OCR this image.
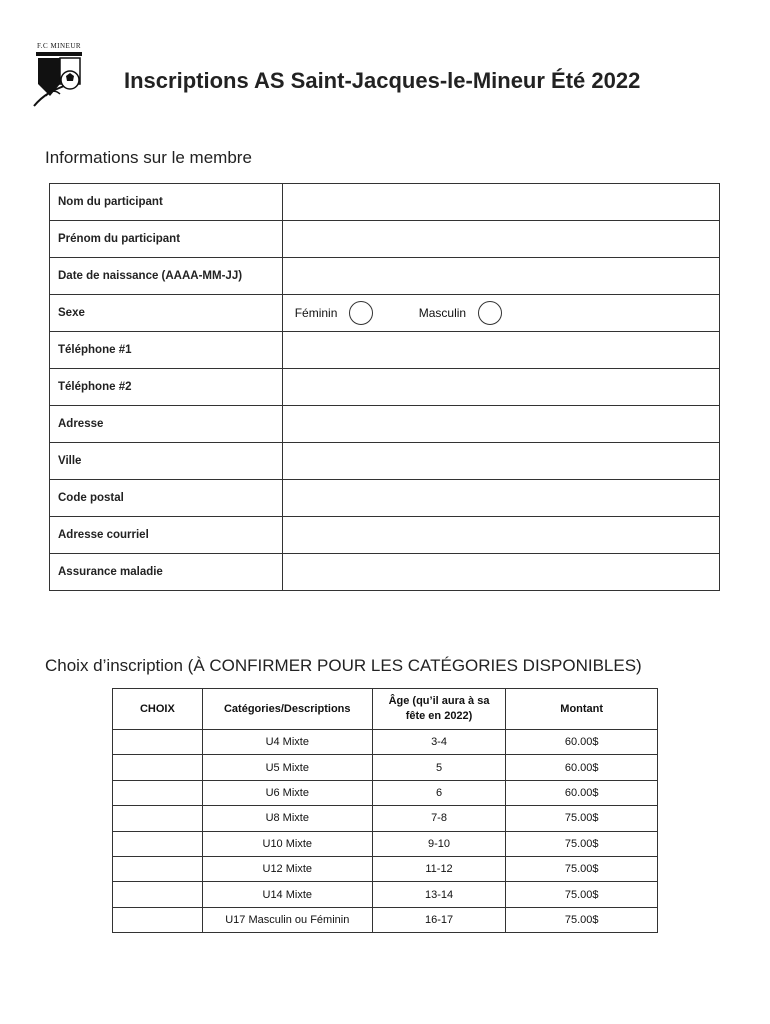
F.C MINEUR
Inscriptions AS Saint-Jacques-le-Mineur Été 2022
Informations sur le membre
Nom du participant	
Prénom du participant	
Date de naissance (AAAA-MM-JJ)	
Sexe	Féminin Masculin

Téléphone #1	
Téléphone #2	
Adresse	
Ville	
Code postal	
Adresse courriel	
Assurance maladie	
Choix d’inscription (À CONFIRMER POUR LES CATÉGORIES DISPONIBLES)
CHOIX	Catégories/Descriptions	Âge (qu’il aura à sa
fête en 2022)	Montant
	U4 Mixte	3-4	60.00$
	U5 Mixte	5	60.00$
	U6 Mixte	6	60.00$
	U8 Mixte	7-8	75.00$
	U10 Mixte	9-10	75.00$
	U12 Mixte	11-12	75.00$
	U14 Mixte	13-14	75.00$
	U17 Masculin ou Féminin	16-17	75.00$
